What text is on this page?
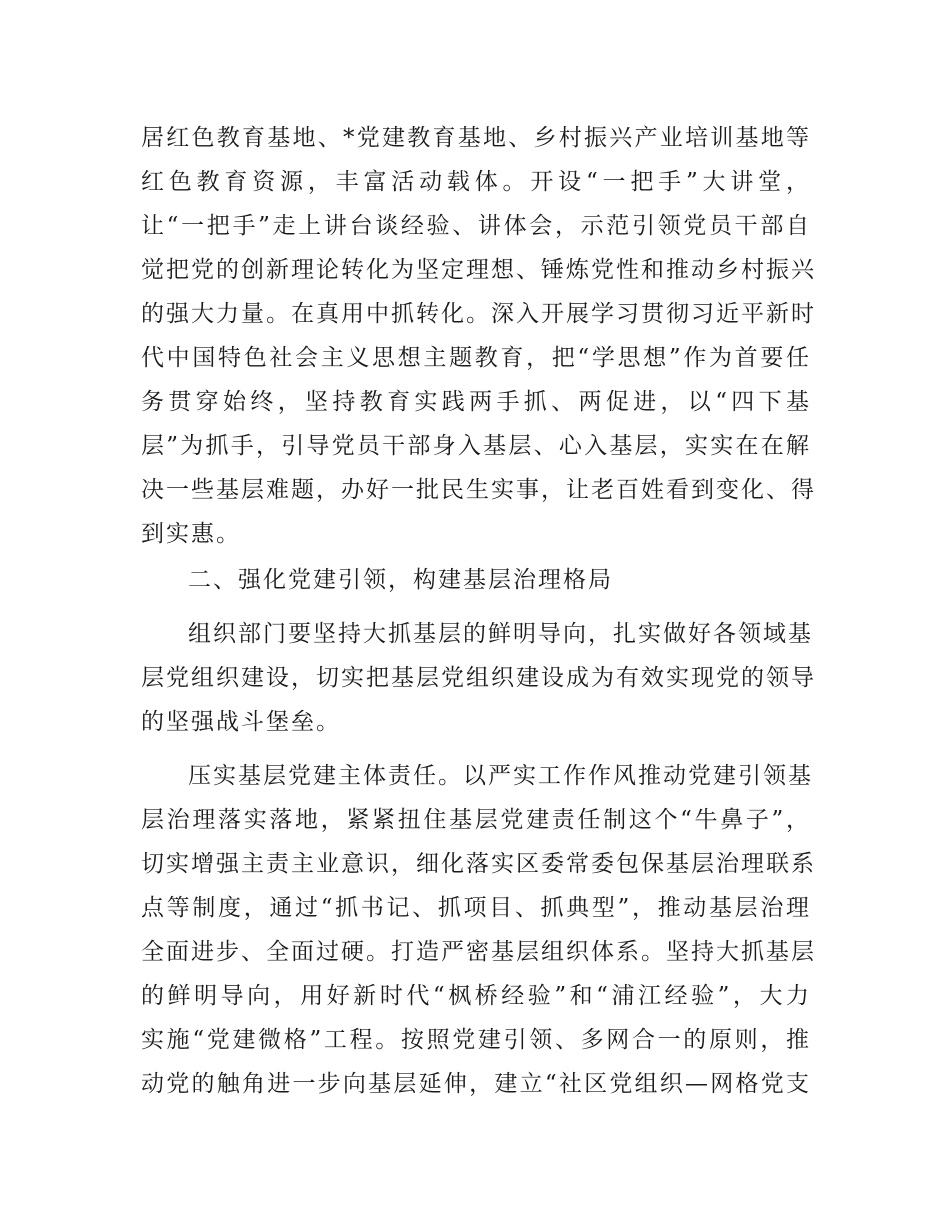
居红色教育基地、*党建教育基地、乡村振兴产业培训基地等
红色教育资源，丰富活动载体。开设“一把手”大讲堂，
让“一把手”走上讲台谈经验、讲体会，示范引领党员干部自
觉把党的创新理论转化为坚定理想、锤炼党性和推动乡村振兴
的强大力量。在真用中抓转化。深入开展学习贯彻习近平新时
代中国特色社会主义思想主题教育，把“学思想”作为首要任
务贯穿始终，坚持教育实践两手抓、两促进，以“四下基
层”为抓手，引导党员干部身入基层、心入基层，实实在在解
决一些基层难题，办好一批民生实事，让老百姓看到变化、得
到实惠。
二、强化党建引领，构建基层治理格局
组织部门要坚持大抓基层的鲜明导向，扎实做好各领域基
层党组织建设，切实把基层党组织建设成为有效实现党的领导
的坚强战斗堡垒。
压实基层党建主体责任。以严实工作作风推动党建引领基
层治理落实落地，紧紧扭住基层党建责任制这个“牛鼻子”，
切实增强主责主业意识，细化落实区委常委包保基层治理联系
点等制度，通过“抓书记、抓项目、抓典型”，推动基层治理
全面进步、全面过硬。打造严密基层组织体系。坚持大抓基层
的鲜明导向，用好新时代“枫桥经验”和“浦江经验”，大力
实施“党建微格”工程。按照党建引领、多网合一的原则，推
动党的触角进一步向基层延伸，建立“社区党组织—网格党支
